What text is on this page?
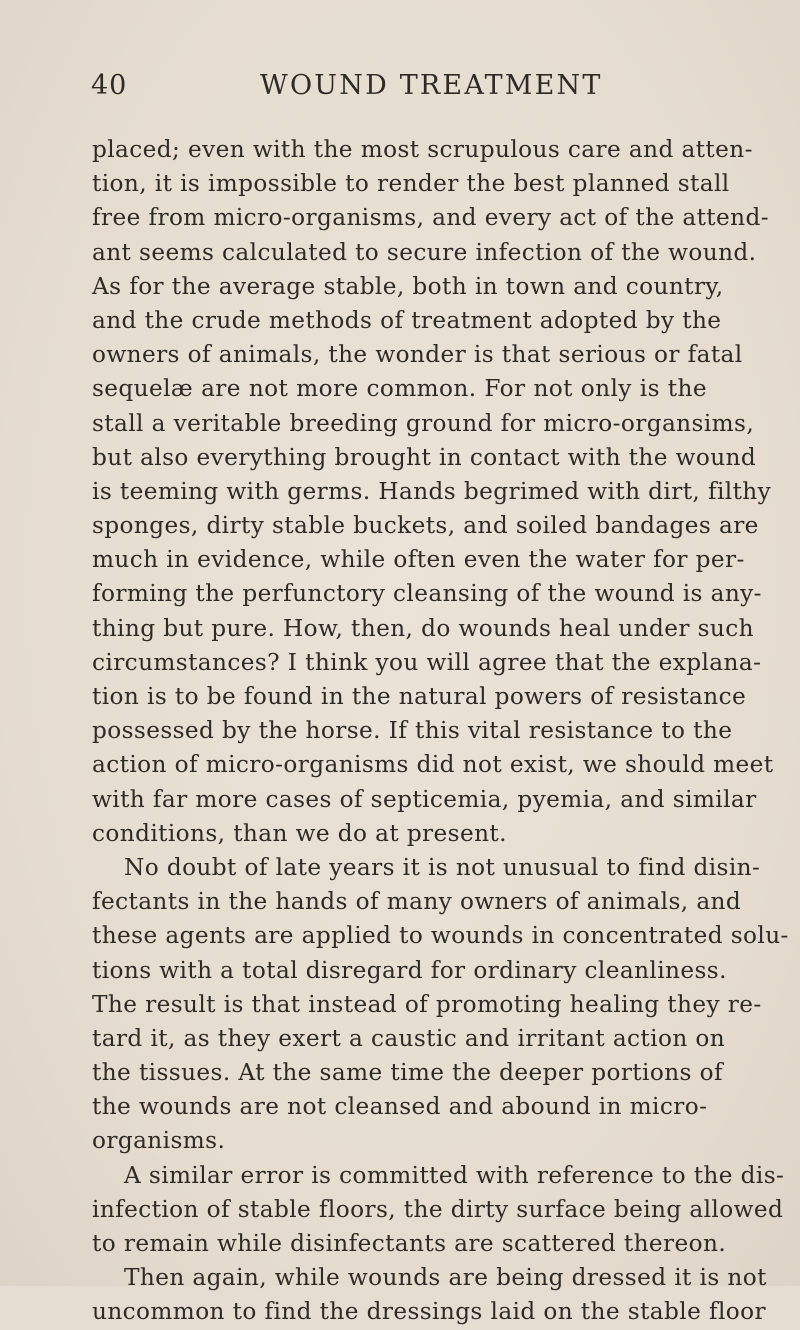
40	WOUND TREATMENT
placed; even with the most scrupulous care and atten-
tion, it is impossible to render the best planned stall
free from micro-organisms, and every act of the attend-
ant seems calculated to secure infection of the wound.
As for the average stable, both in town and country,
and the crude methods of treatment adopted by the
owners of animals, the wonder is that serious or fatal
sequelæ are not more common. For not only is the
stall a veritable breeding ground for micro-organsims,
but also everything brought in contact with the wound
is teeming with germs. Hands begrimed with dirt, filthy
sponges, dirty stable buckets, and soiled bandages are
much in evidence, while often even the water for per-
forming the perfunctory cleansing of the wound is any-
thing but pure. How, then, do wounds heal under such
circumstances? I think you will agree that the explana-
tion is to be found in the natural powers of resistance
possessed by the horse. If this vital resistance to the
action of micro-organisms did not exist, we should meet
with far more cases of septicemia, pyemia, and similar
conditions, than we do at present.
No doubt of late years it is not unusual to find disin-
fectants in the hands of many owners of animals, and
these agents are applied to wounds in concentrated solu-
tions with a total disregard for ordinary cleanliness.
The result is that instead of promoting healing they re-
tard it, as they exert a caustic and irritant action on
the tissues. At the same time the deeper portions of
the wounds are not cleansed and abound in micro-
organisms.
A similar error is committed with reference to the dis-
infection of stable floors, the dirty surface being allowed
to remain while disinfectants are scattered thereon.
Then again, while wounds are being dressed it is not
uncommon to find the dressings laid on the stable floor
